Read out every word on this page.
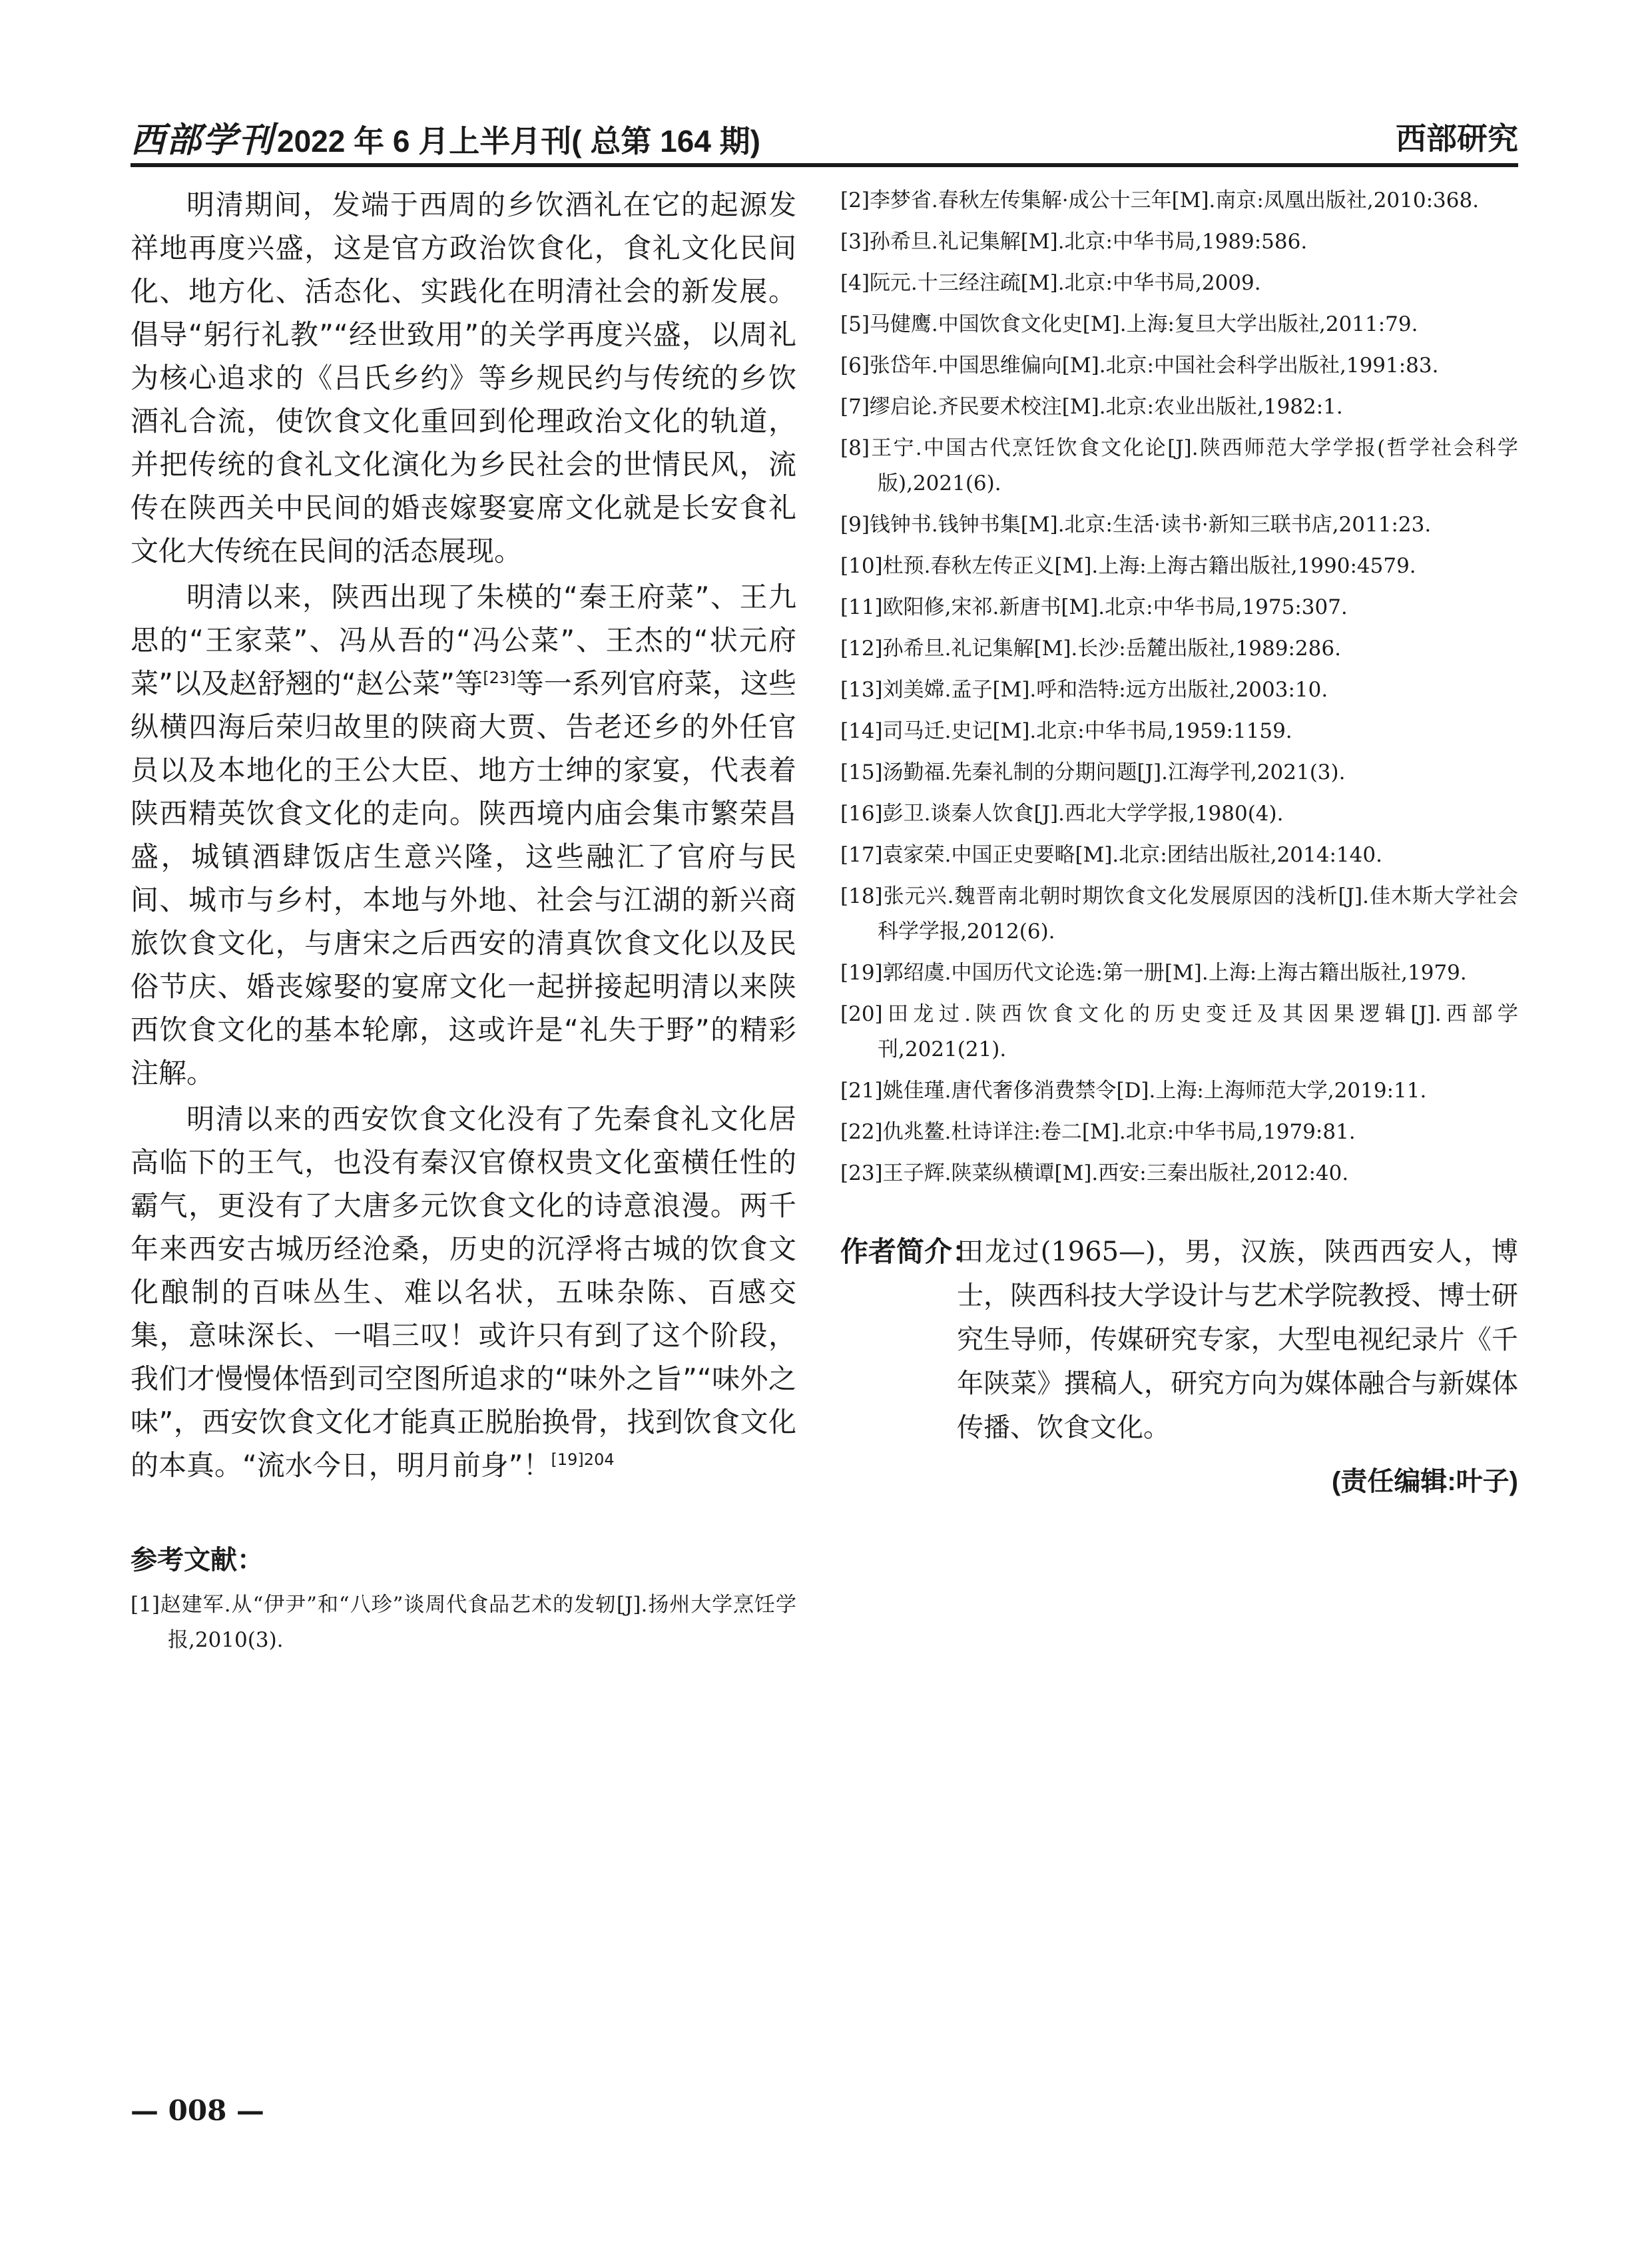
西部学刊2022 年 6 月上半月刊( 总第 164 期)	西部研究

明清期间，发端于西周的乡饮酒礼在它的起源发祥地再度兴盛，这是官方政治饮食化，食礼文化民间化、地方化、活态化、实践化在明清社会的新发展。倡导“躬行礼教”“经世致用”的关学再度兴盛，以周礼为核心追求的《吕氏乡约》等乡规民约与传统的乡饮酒礼合流，使饮食文化重回到伦理政治文化的轨道，并把传统的食礼文化演化为乡民社会的世情民风，流传在陕西关中民间的婚丧嫁娶宴席文化就是长安食礼文化大传统在民间的活态展现。

明清以来，陕西出现了朱楧的“秦王府菜”、王九思的“王家菜”、冯从吾的“冯公菜”、王杰的“状元府菜”以及赵舒翘的“赵公菜”等[23]等一系列官府菜，这些纵横四海后荣归故里的陕商大贾、告老还乡的外任官员以及本地化的王公大臣、地方士绅的家宴，代表着陕西精英饮食文化的走向。陕西境内庙会集市繁荣昌盛，城镇酒肆饭店生意兴隆，这些融汇了官府与民间、城市与乡村，本地与外地、社会与江湖的新兴商旅饮食文化，与唐宋之后西安的清真饮食文化以及民俗节庆、婚丧嫁娶的宴席文化一起拼接起明清以来陕西饮食文化的基本轮廓，这或许是“礼失于野”的精彩注解。

明清以来的西安饮食文化没有了先秦食礼文化居高临下的王气，也没有秦汉官僚权贵文化蛮横任性的霸气，更没有了大唐多元饮食文化的诗意浪漫。两千年来西安古城历经沧桑，历史的沉浮将古城的饮食文化酿制的百味丛生、难以名状，五味杂陈、百感交集，意味深长、一唱三叹！或许只有到了这个阶段，我们才慢慢体悟到司空图所追求的“味外之旨”“味外之味”，西安饮食文化才能真正脱胎换骨，找到饮食文化的本真。“流水今日，明月前身”！$^{[19]204}$

参考文献：
[1]赵建军.从“伊尹”和“八珍”谈周代食品艺术的发轫[J].扬州大学烹饪学报,2010(3).
[2]李梦省.春秋左传集解·成公十三年[M].南京:凤凰出版社,2010:368.
[3]孙希旦.礼记集解[M].北京:中华书局,1989:586.
[4]阮元.十三经注疏[M].北京:中华书局,2009.
[5]马健鹰.中国饮食文化史[M].上海:复旦大学出版社,2011:79.
[6]张岱年.中国思维偏向[M].北京:中国社会科学出版社,1991:83.
[7]缪启论.齐民要术校注[M].北京:农业出版社,1982:1.
[8]王宁.中国古代烹饪饮食文化论[J].陕西师范大学学报(哲学社会科学版),2021(6).
[9]钱钟书.钱钟书集[M].北京:生活·读书·新知三联书店,2011:23.
[10]杜预.春秋左传正义[M].上海:上海古籍出版社,1990:4579.
[11]欧阳修,宋祁.新唐书[M].北京:中华书局,1975:307.
[12]孙希旦.礼记集解[M].长沙:岳麓出版社,1989:286.
[13]刘美嫦.孟子[M].呼和浩特:远方出版社,2003:10.
[14]司马迁.史记[M].北京:中华书局,1959:1159.
[15]汤勤福.先秦礼制的分期问题[J].江海学刊,2021(3).
[16]彭卫.谈秦人饮食[J].西北大学学报,1980(4).
[17]袁家荣.中国正史要略[M].北京:团结出版社,2014:140.
[18]张元兴.魏晋南北朝时期饮食文化发展原因的浅析[J].佳木斯大学社会科学学报,2012(6).
[19]郭绍虞.中国历代文论选:第一册[M].上海:上海古籍出版社,1979.
[20]田龙过.陕西饮食文化的历史变迁及其因果逻辑[J].西部学刊,2021(21).
[21]姚佳瑾.唐代奢侈消费禁令[D].上海:上海师范大学,2019:11.
[22]仇兆鳌.杜诗详注:卷二[M].北京:中华书局,1979:81.
[23]王子辉.陕菜纵横谭[M].西安:三秦出版社,2012:40.
作者简介：
田龙过(1965—)，男，汉族，陕西西安人，博士，陕西科技大学设计与艺术学院教授、博士研究生导师，传媒研究专家，大型电视纪录片《千年陕菜》撰稿人，研究方向为媒体融合与新媒体传播、饮食文化。
(责任编辑:叶子)
— 008 —
